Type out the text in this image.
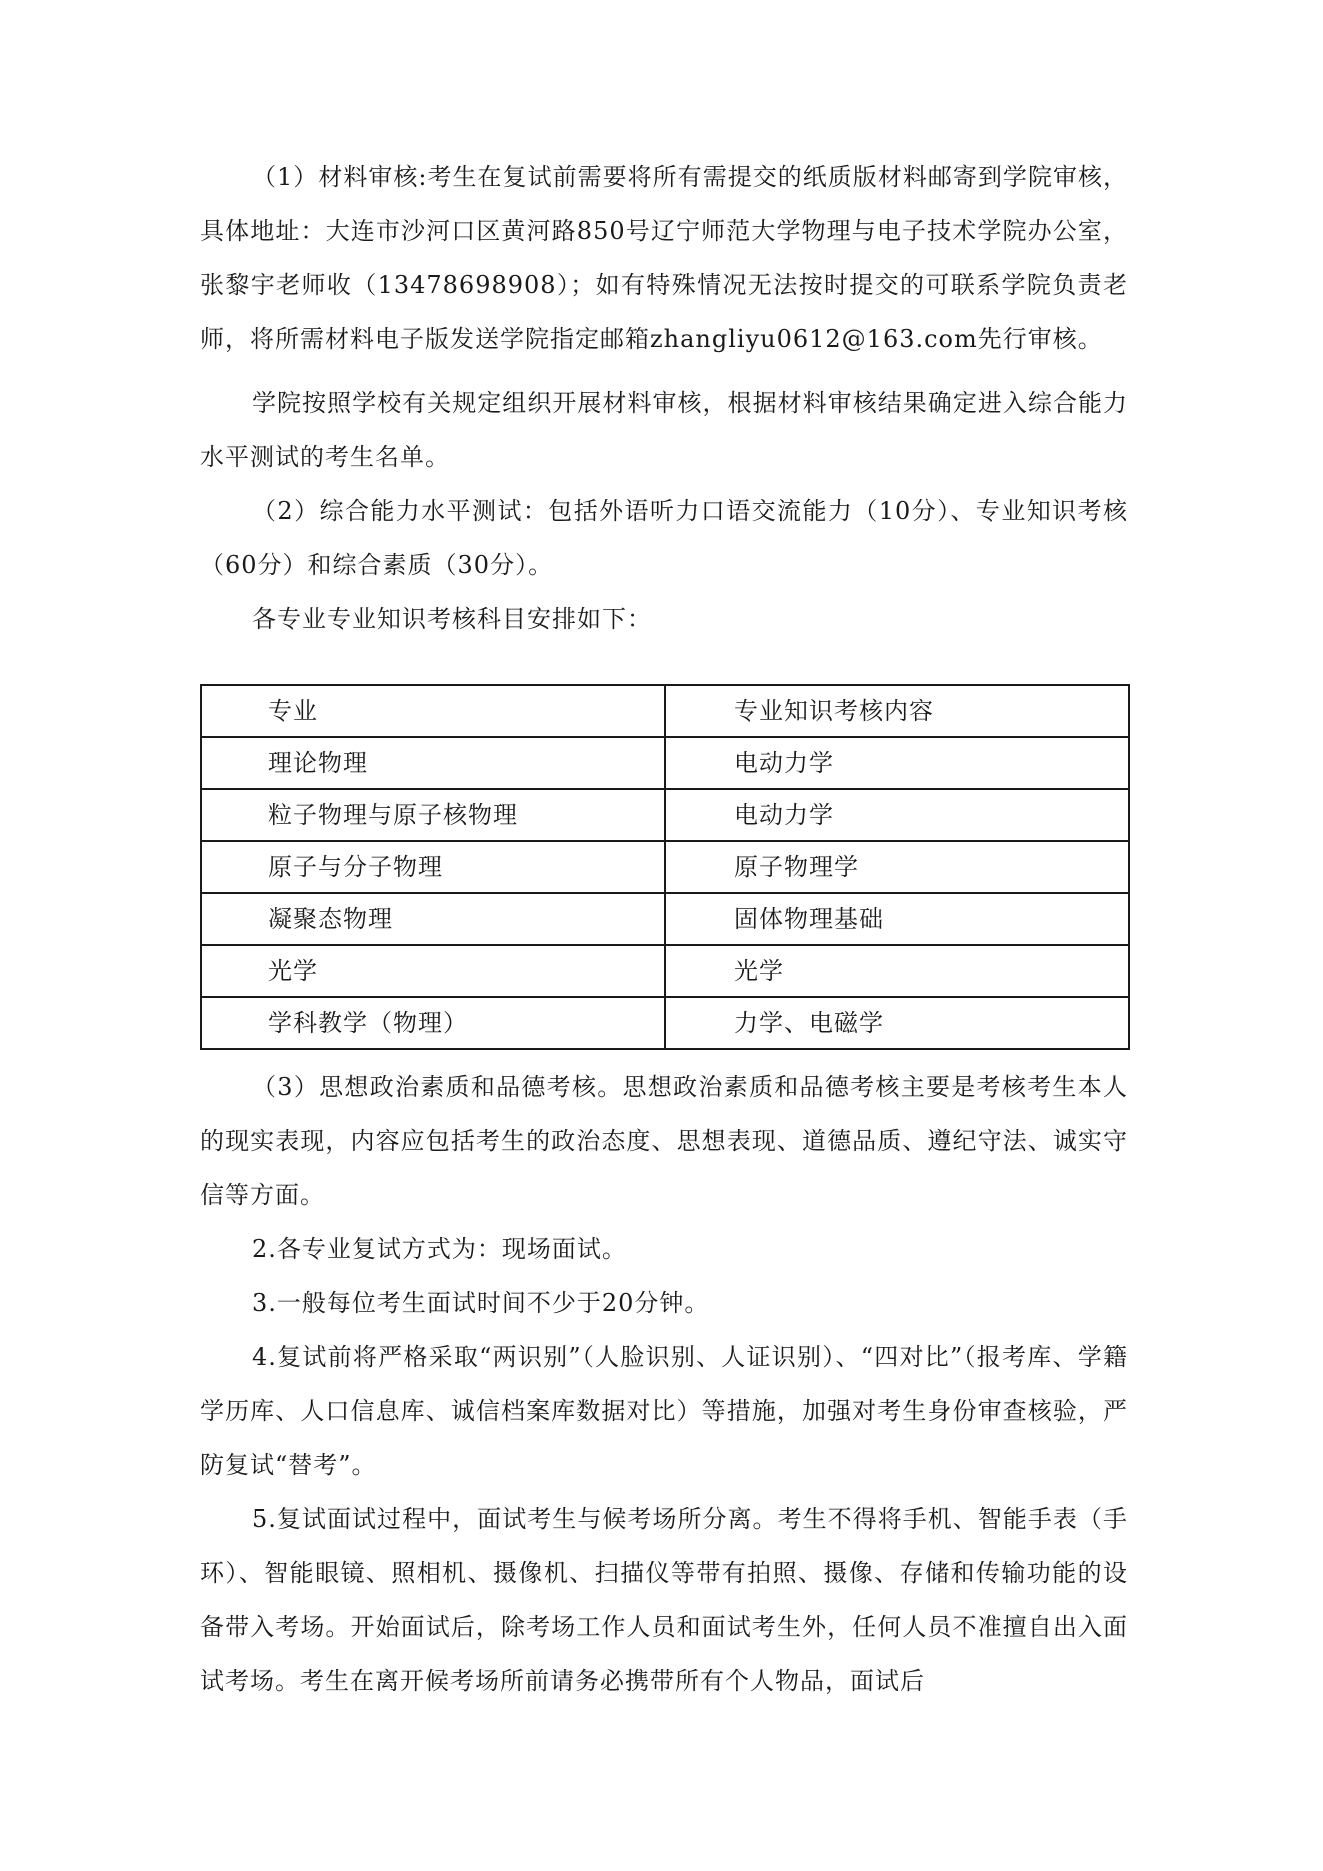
（1）材料审核:考生在复试前需要将所有需提交的纸质版材料邮寄到学院审核，具体地址：大连市沙河口区黄河路850号辽宁师范大学物理与电子技术学院办公室，张黎宇老师收（13478698908）；如有特殊情况无法按时提交的可联系学院负责老师，将所需材料电子版发送学院指定邮箱zhangliyu0612@163.com先行审核。

学院按照学校有关规定组织开展材料审核，根据材料审核结果确定进入综合能力水平测试的考生名单。

（2）综合能力水平测试：包括外语听力口语交流能力（10分）、专业知识考核（60分）和综合素质（30分）。

各专业专业知识考核科目安排如下：

专业	专业知识考核内容
理论物理	电动力学
粒子物理与原子核物理	电动力学
原子与分子物理	原子物理学
凝聚态物理	固体物理基础
光学	光学
学科教学（物理）	力学、电磁学

（3）思想政治素质和品德考核。思想政治素质和品德考核主要是考核考生本人的现实表现，内容应包括考生的政治态度、思想表现、道德品质、遵纪守法、诚实守信等方面。

2.各专业复试方式为：现场面试。

3.一般每位考生面试时间不少于20分钟。

4.复试前将严格采取“两识别”（人脸识别、人证识别）、“四对比”（报考库、学籍学历库、人口信息库、诚信档案库数据对比）等措施，加强对考生身份审查核验，严防复试“替考”。

5.复试面试过程中，面试考生与候考场所分离。考生不得将手机、智能手表（手环）、智能眼镜、照相机、摄像机、扫描仪等带有拍照、摄像、存储和传输功能的设备带入考场。开始面试后，除考场工作人员和面试考生外，任何人员不准擅自出入面试考场。考生在离开候考场所前请务必携带所有个人物品，面试后
